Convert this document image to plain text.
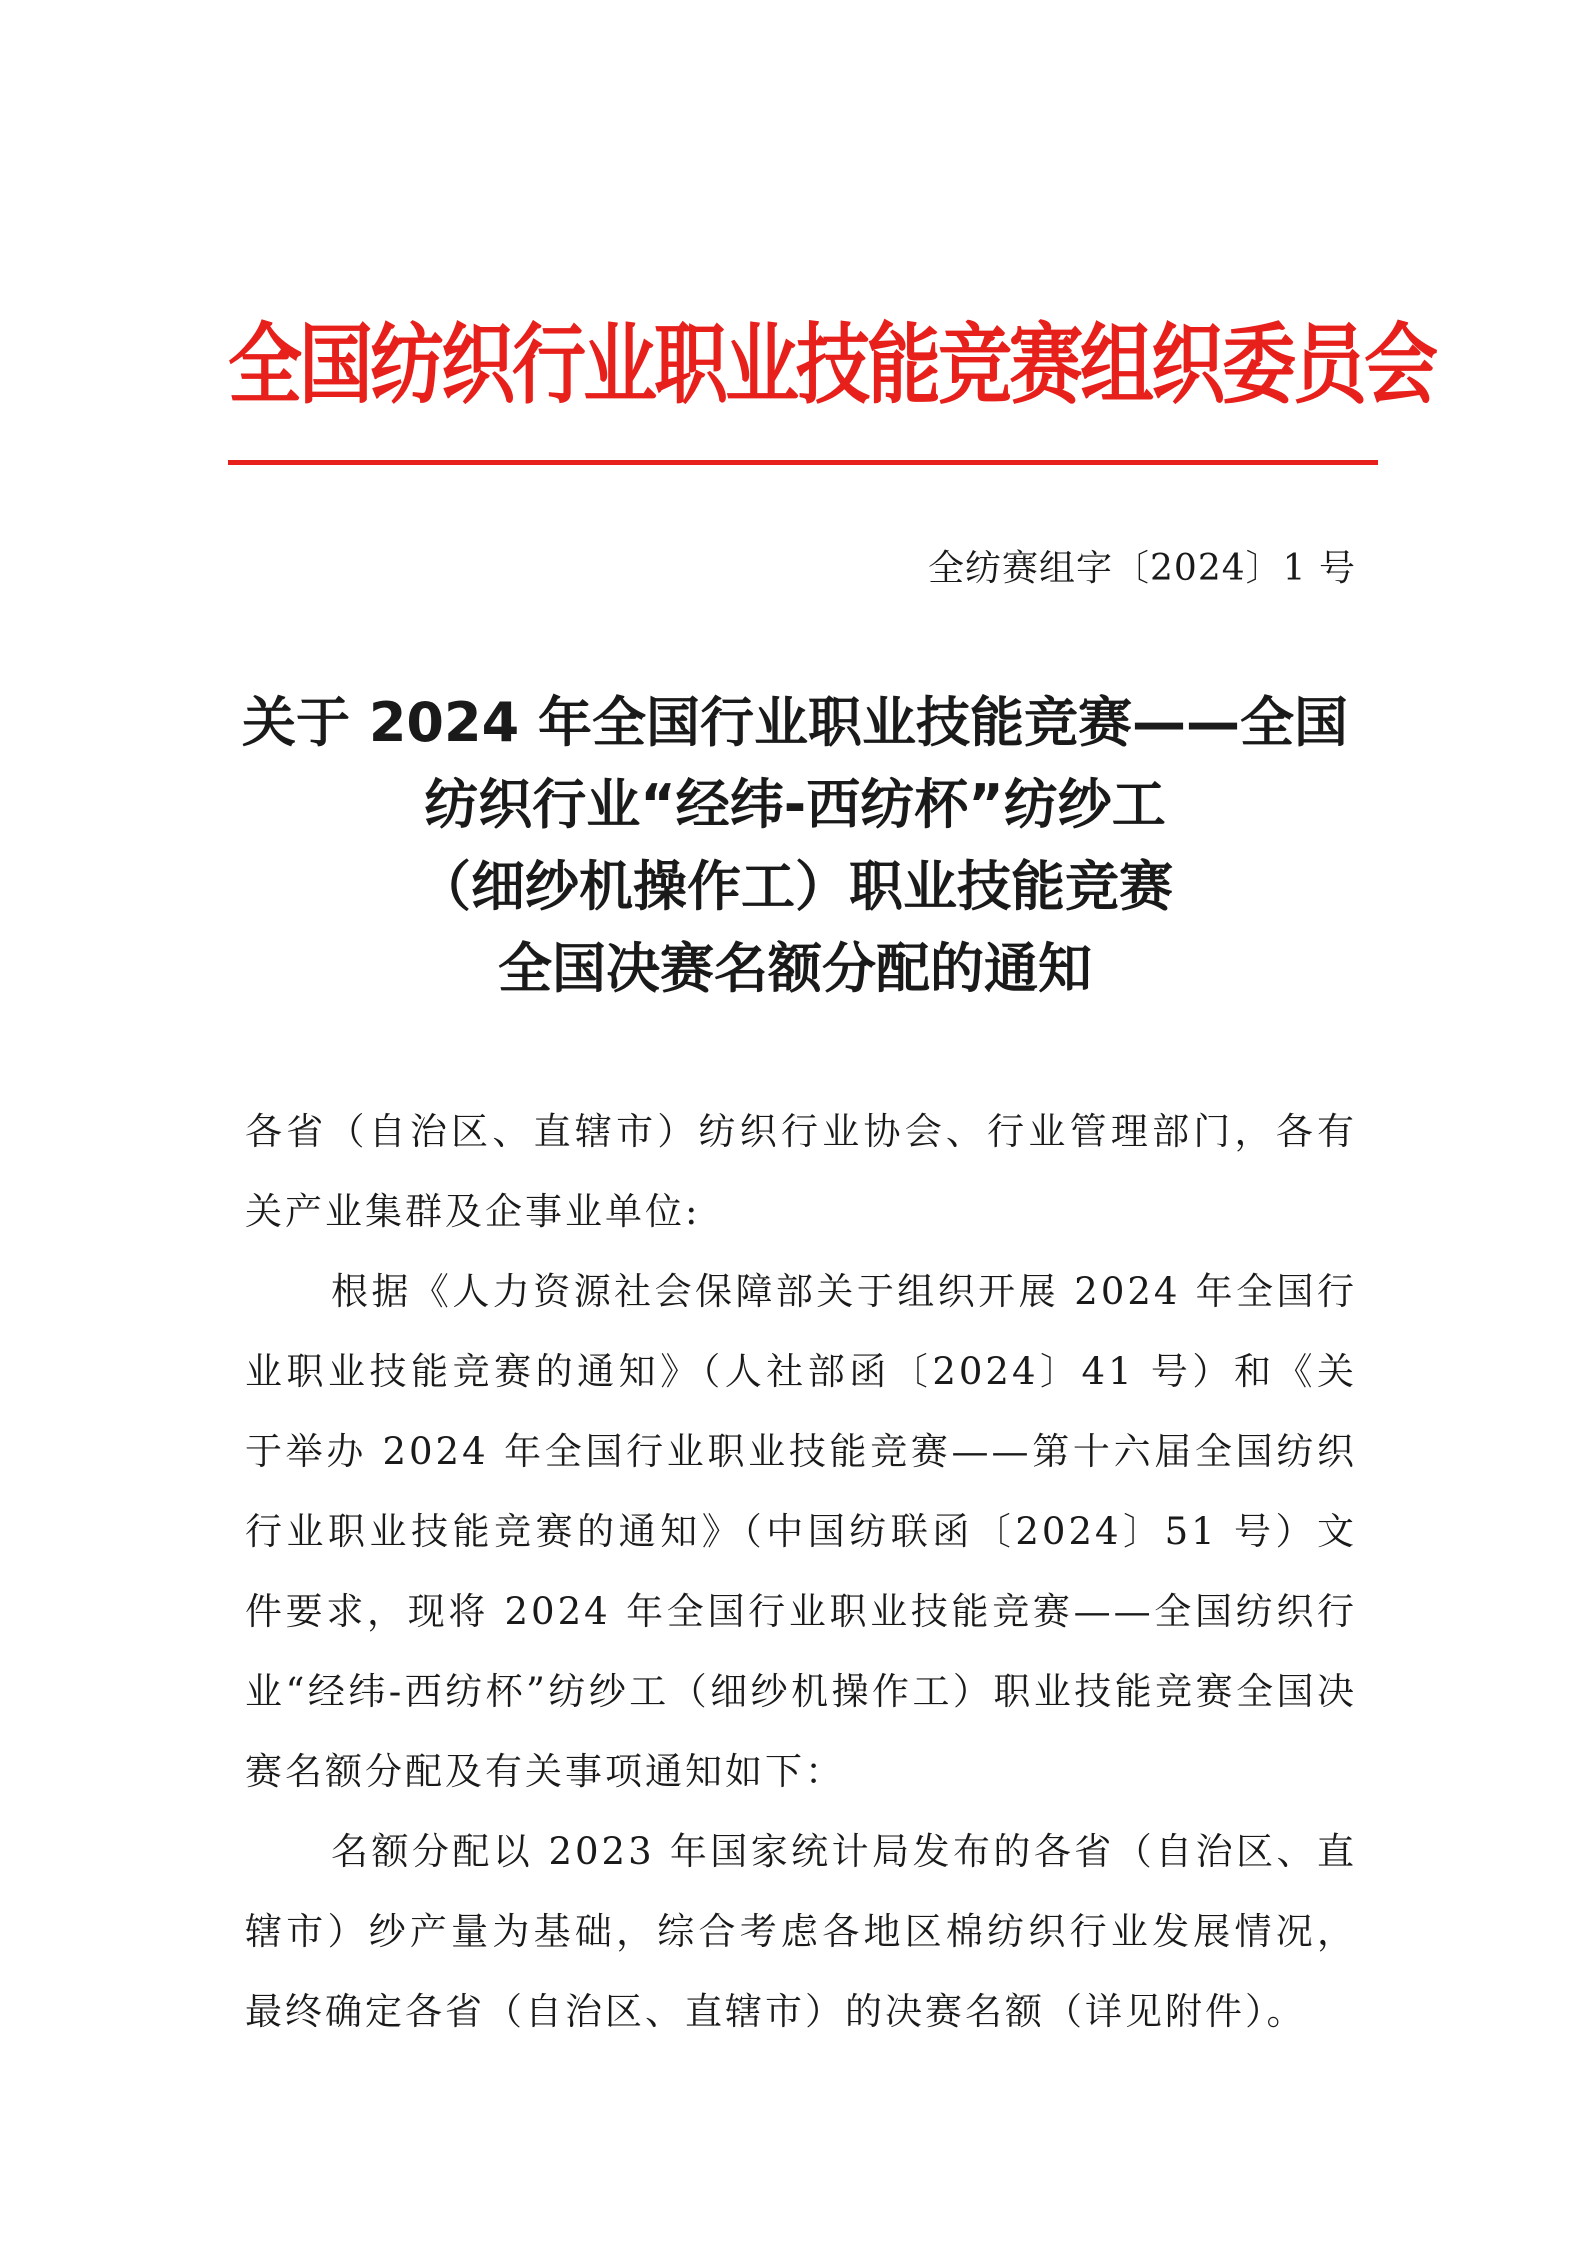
全国纺织行业职业技能竞赛组织委员会
全纺赛组字〔2024〕1 号
关于 2024 年全国行业职业技能竞赛——全国
纺织行业“经纬-西纺杯”纺纱工
（细纱机操作工）职业技能竞赛
全国决赛名额分配的通知

各省（自治区、直辖市）纺织行业协会、行业管理部门，各有关产业集群及企事业单位:

根据《人力资源社会保障部关于组织开展 2024 年全国行业职业技能竞赛的通知》（人社部函〔2024〕41 号）和《关于举办 2024 年全国行业职业技能竞赛——第十六届全国纺织行业职业技能竞赛的通知》（中国纺联函〔2024〕51 号）文件要求，现将 2024 年全国行业职业技能竞赛——全国纺织行业“经纬-西纺杯”纺纱工（细纱机操作工）职业技能竞赛全国决赛名额分配及有关事项通知如下：

名额分配以 2023 年国家统计局发布的各省（自治区、直辖市）纱产量为基础，综合考虑各地区棉纺织行业发展情况，最终确定各省（自治区、直辖市）的决赛名额（详见附件）。
